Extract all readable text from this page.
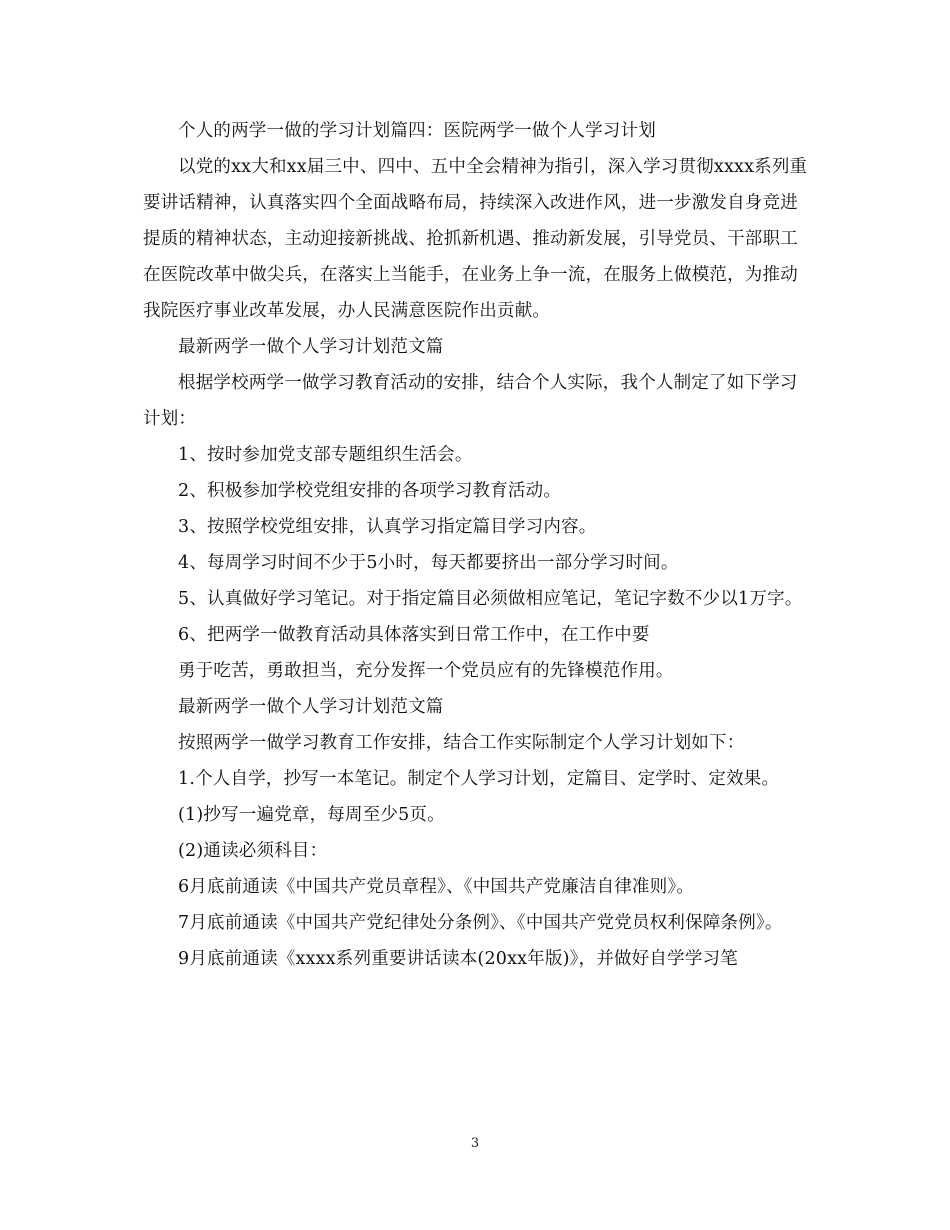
个人的两学一做的学习计划篇四：医院两学一做个人学习计划

以党的xx大和xx届三中、四中、五中全会精神为指引，深入学习贯彻xxxx系列重要讲话精神，认真落实四个全面战略布局，持续深入改进作风，进一步激发自身竞进提质的精神状态，主动迎接新挑战、抢抓新机遇、推动新发展，引导党员、干部职工在医院改革中做尖兵，在落实上当能手，在业务上争一流，在服务上做模范，为推动我院医疗事业改革发展，办人民满意医院作出贡献。

最新两学一做个人学习计划范文篇

根据学校两学一做学习教育活动的安排，结合个人实际，我个人制定了如下学习计划：

1、按时参加党支部专题组织生活会。

2、积极参加学校党组安排的各项学习教育活动。

3、按照学校党组安排，认真学习指定篇目学习内容。

4、每周学习时间不少于5小时，每天都要挤出一部分学习时间。

5、认真做好学习笔记。对于指定篇目必须做相应笔记，笔记字数不少以1万字。

6、把两学一做教育活动具体落实到日常工作中，在工作中要

勇于吃苦，勇敢担当，充分发挥一个党员应有的先锋模范作用。

最新两学一做个人学习计划范文篇

按照两学一做学习教育工作安排，结合工作实际制定个人学习计划如下：

1.个人自学，抄写一本笔记。制定个人学习计划，定篇目、定学时、定效果。

(1)抄写一遍党章，每周至少5页。

(2)通读必须科目：

6月底前通读《中国共产党员章程》、《中国共产党廉洁自律准则》。

7月底前通读《中国共产党纪律处分条例》、《中国共产党党员权利保障条例》。

9月底前通读《xxxx系列重要讲话读本(20xx年版)》，并做好自学学习笔

3
